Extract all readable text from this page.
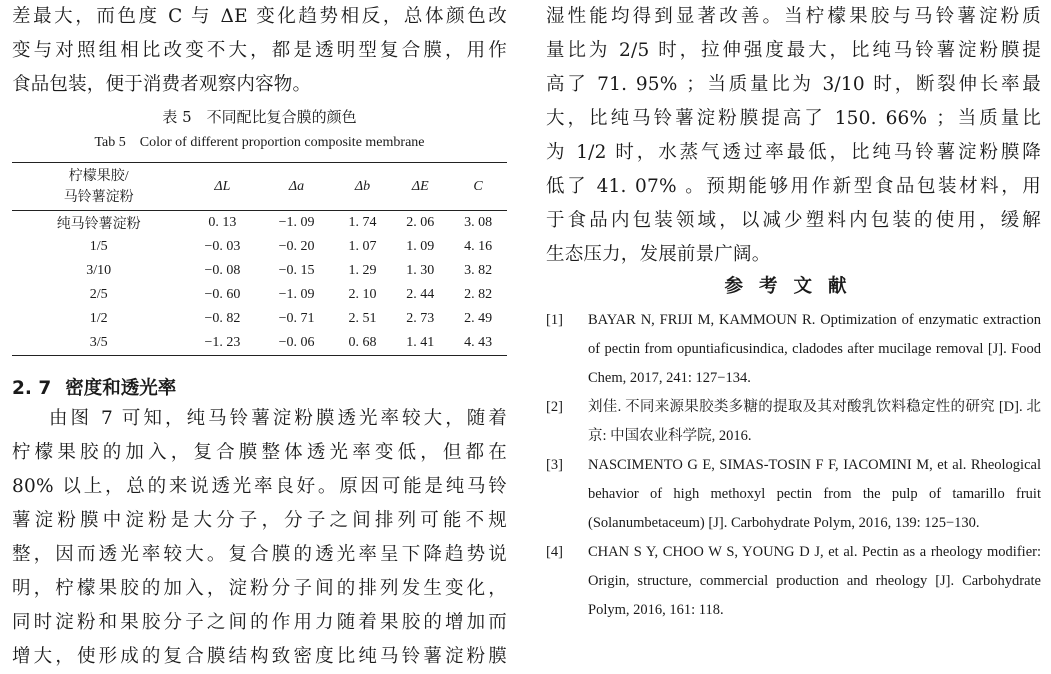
差最大，而色度 C 与 ΔE 变化趋势相反，总体颜色改

变与对照组相比改变不大，都是透明型复合膜，用作

食品包装，便于消费者观察内容物。

表 5　不同配比复合膜的颜色
Tab 5　Color of different proportion composite membrane
柠檬果胶/
马铃薯淀粉	ΔL	Δa	Δb	ΔE	C
纯马铃薯淀粉	0. 13	−1. 09	1. 74	2. 06	3. 08
1/5	−0. 03	−0. 20	1. 07	1. 09	4. 16
3/10	−0. 08	−0. 15	1. 29	1. 30	3. 82
2/5	−0. 60	−1. 09	2. 10	2. 44	2. 82
1/2	−0. 82	−0. 71	2. 51	2. 73	2. 49
3/5	−1. 23	−0. 06	0. 68	1. 41	4. 43
2. 7 密度和透光率

由图 7 可知，纯马铃薯淀粉膜透光率较大，随着

柠檬果胶的加入，复合膜整体透光率变低，但都在

80% 以上，总的来说透光率良好。原因可能是纯马铃

薯淀粉膜中淀粉是大分子，分子之间排列可能不规

整，因而透光率较大。复合膜的透光率呈下降趋势说

明，柠檬果胶的加入，淀粉分子间的排列发生变化，

同时淀粉和果胶分子之间的作用力随着果胶的增加而

增大，使形成的复合膜结构致密度比纯马铃薯淀粉膜

湿性能均得到显著改善。当柠檬果胶与马铃薯淀粉质

量比为 2/5 时，拉伸强度最大，比纯马铃薯淀粉膜提

高了 71. 95% ；当质量比为 3/10 时，断裂伸长率最

大，比纯马铃薯淀粉膜提高了 150. 66% ；当质量比

为 1/2 时，水蒸气透过率最低，比纯马铃薯淀粉膜降

低了 41. 07% 。预期能够用作新型食品包装材料，用

于食品内包装领域，以减少塑料内包装的使用，缓解

生态压力，发展前景广阔。

参考文献
[1] BAYAR N, FRIJI M, KAMMOUN R. Optimization of enzymatic extraction of pectin from opuntiaficusindica, cladodes after mucilage removal [J]. Food Chem, 2017, 241: 127−134.
[2] 刘佳. 不同来源果胶类多糖的提取及其对酸乳饮料稳定性的研究 [D]. 北京: 中国农业科学院, 2016.
[3] NASCIMENTO G E, SIMAS-TOSIN F F, IACOMINI M, et al. Rheological behavior of high methoxyl pectin from the pulp of tamarillo fruit (Solanumbetaceum) [J]. Carbohydrate Polym, 2016, 139: 125−130.
[4] CHAN S Y, CHOO W S, YOUNG D J, et al. Pectin as a rheology modifier: Origin, structure, commercial production and rheology [J]. Carbohydrate Polym, 2016, 161: 118.
